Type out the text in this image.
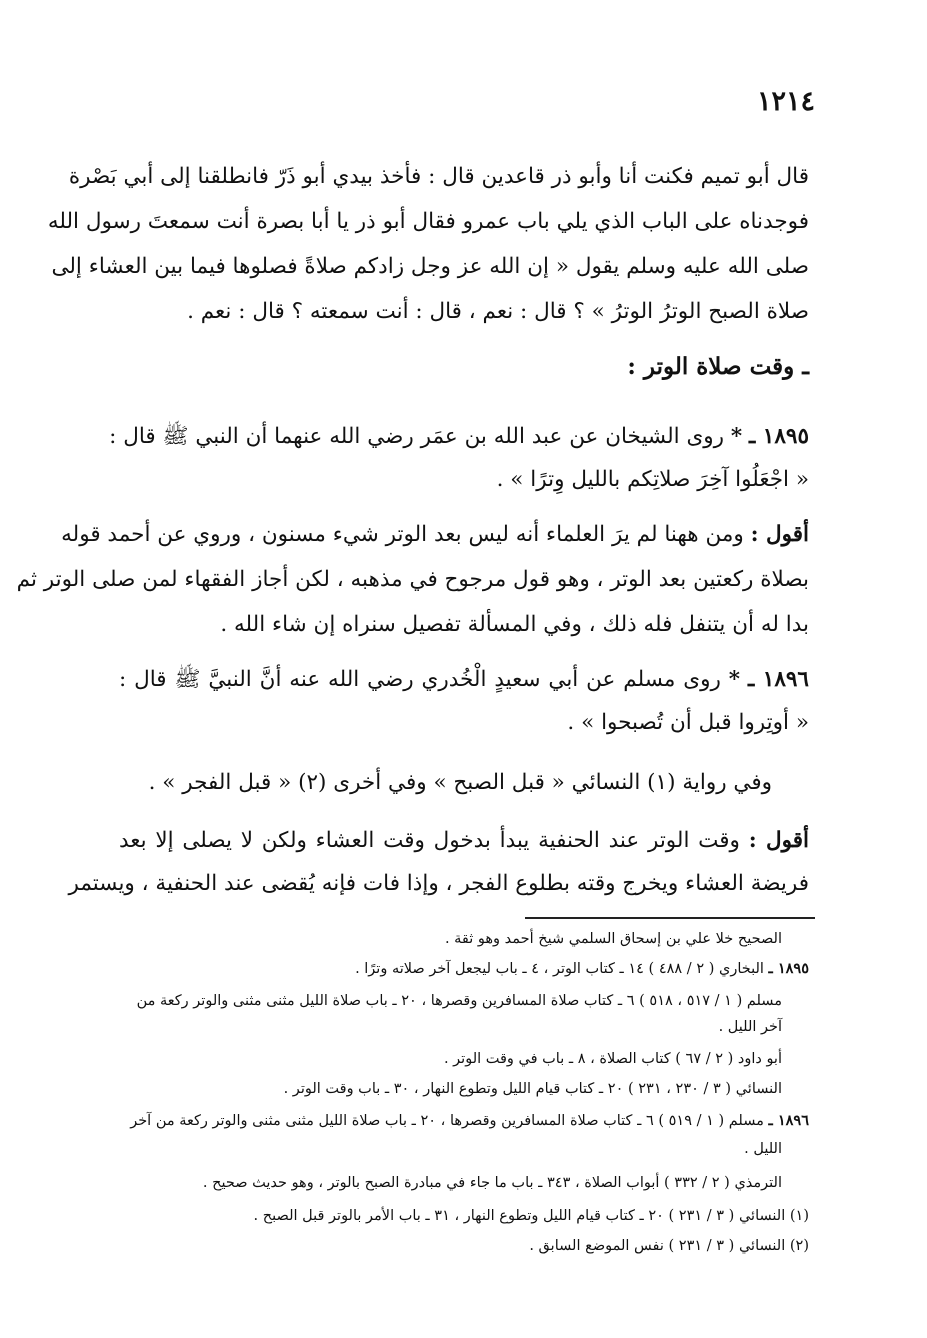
١٢١٤
قال أبو تميم فكنت أنا وأبو ذر قاعدين قال : فأخذ بيدي أبو ذَرّ فانطلقنا إلى أبي بَصْرة
فوجدناه على الباب الذي يلي باب عمرو فقال أبو ذر يا أبا بصرة أنت سمعتَ رسول الله
صلى الله عليه وسلم يقول « إن الله عز وجل زادكم صلاةً فصلوها فيما بين العشاء إلى
صلاة الصبح الوترُ الوترُ » ؟ قال : نعم ، قال : أنت سمعته ؟ قال : نعم .
ـ وقت صلاة الوتر :
١٨٩٥ ـ * روى الشيخان عن عبد الله بن عمَر رضي الله عنهما أن النبي ﷺ قال :
« اجْعَلُوا آخِرَ صلاتِكم بالليل وِترًا » .
أقول : ومن ههنا لم يرَ العلماء أنه ليس بعد الوتر شيء مسنون ، وروي عن أحمد قوله
بصلاة ركعتين بعد الوتر ، وهو قول مرجوح في مذهبه ، لكن أجاز الفقهاء لمن صلى الوتر ثم
بدا له أن يتنفل فله ذلك ، وفي المسألة تفصيل سنراه إن شاء الله .
١٨٩٦ ـ * روى مسلم عن أبي سعيدٍ الْخُدري رضي الله عنه أنَّ النبيَّ ﷺ قال :
« أوتِروا قبل أن تُصبحوا » .
وفي رواية (١) النسائي « قبل الصبح » وفي أخرى (٢) « قبل الفجر » .
أقول : وقت الوتر عند الحنفية يبدأ بدخول وقت العشاء ولكن لا يصلى إلا بعد
فريضة العشاء ويخرج وقته بطلوع الفجر ، وإذا فات فإنه يُقضى عند الحنفية ، ويستمر
الصحيح خلا علي بن إسحاق السلمي شيخ أحمد وهو ثقة .
١٨٩٥ ـ البخاري ( ٢ / ٤٨٨ ) ١٤ ـ كتاب الوتر ، ٤ ـ باب ليجعل آخر صلاته وترًا .
مسلم ( ١ / ٥١٧ ، ٥١٨ ) ٦ ـ كتاب صلاة المسافرين وقصرها ، ٢٠ ـ باب صلاة الليل مثنى مثنى والوتر ركعة من
آخر الليل .
أبو داود ( ٢ / ٦٧ ) كتاب الصلاة ، ٨ ـ باب في وقت الوتر .
النسائي ( ٣ / ٢٣٠ ، ٢٣١ ) ٢٠ ـ كتاب قيام الليل وتطوع النهار ، ٣٠ ـ باب وقت الوتر .
١٨٩٦ ـ مسلم ( ١ / ٥١٩ ) ٦ ـ كتاب صلاة المسافرين وقصرها ، ٢٠ ـ باب صلاة الليل مثنى مثنى والوتر ركعة من آخر
الليل .
الترمذي ( ٢ / ٣٣٢ ) أبواب الصلاة ، ٣٤٣ ـ باب ما جاء في مبادرة الصبح بالوتر ، وهو حديث صحيح .
(١) النسائي ( ٣ / ٢٣١ ) ٢٠ ـ كتاب قيام الليل وتطوع النهار ، ٣١ ـ باب الأمر بالوتر قبل الصبح .
(٢) النسائي ( ٣ / ٢٣١ ) نفس الموضع السابق .
